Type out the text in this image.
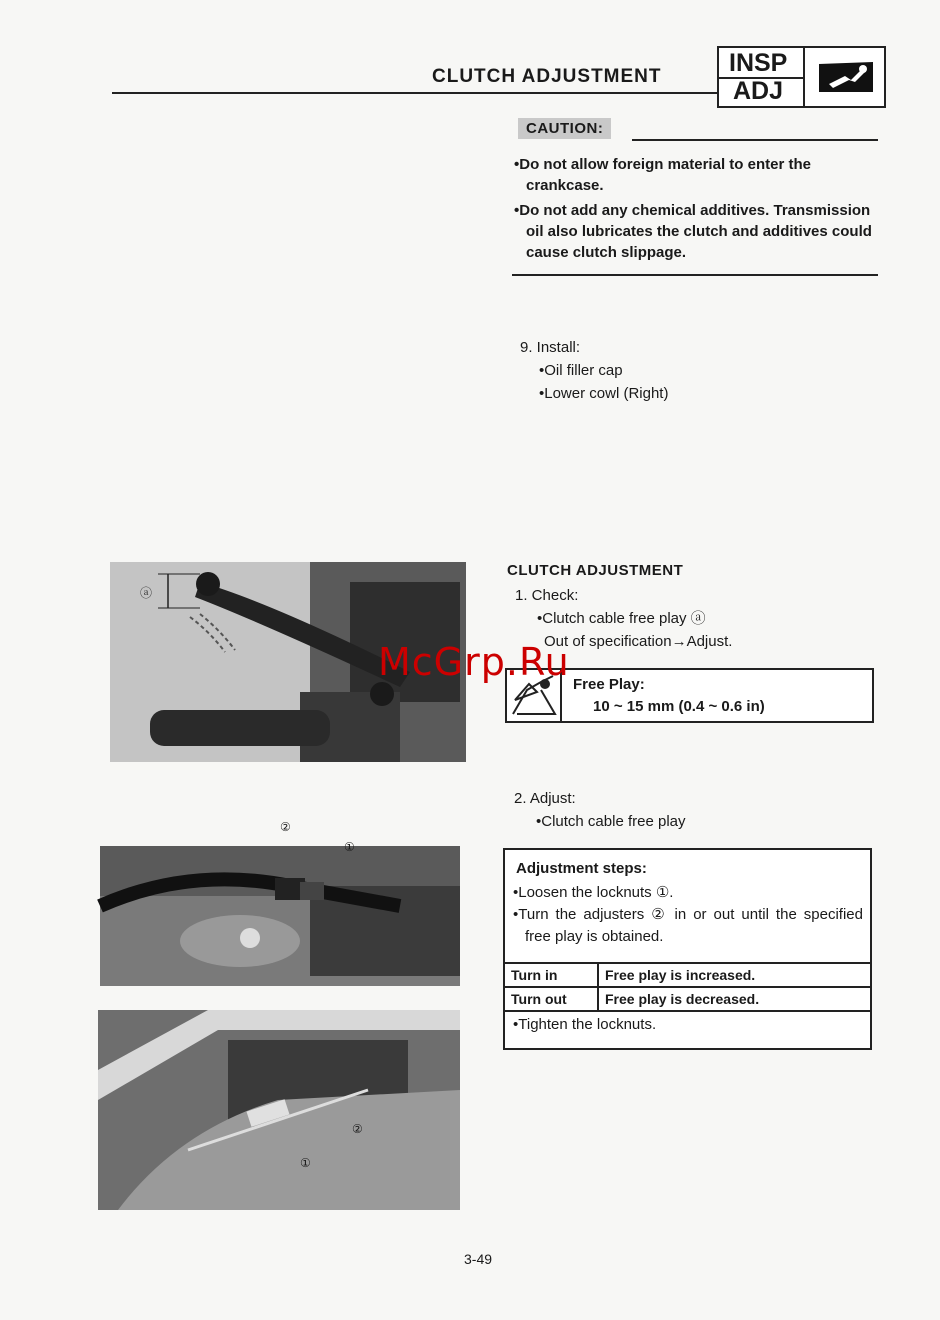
CLUTCH ADJUSTMENT	INSP
ADJ
CAUTION:

•Do not allow foreign material to enter the crankcase.

•Do not add any chemical additives. Transmission oil also lubricates the clutch and additives could cause clutch slippage.

9. Install:
•Oil filler cap
•Lower cowl (Right)
ⓐ
②
①
②
①
CLUTCH ADJUSTMENT
1. Check:
•Clutch cable free play ⓐ
Out of specification→Adjust.
Free Play:
10 ~ 15 mm (0.4 ~ 0.6 in)
McGrp.Ru
2. Adjust:
•Clutch cable free play
Adjustment steps:

•Loosen the locknuts ①.

•Turn the adjusters ② in or out until the specified free play is obtained.

Turn in	Free play is increased.
Turn out	Free play is decreased.
•Tighten the locknuts.
3-49
